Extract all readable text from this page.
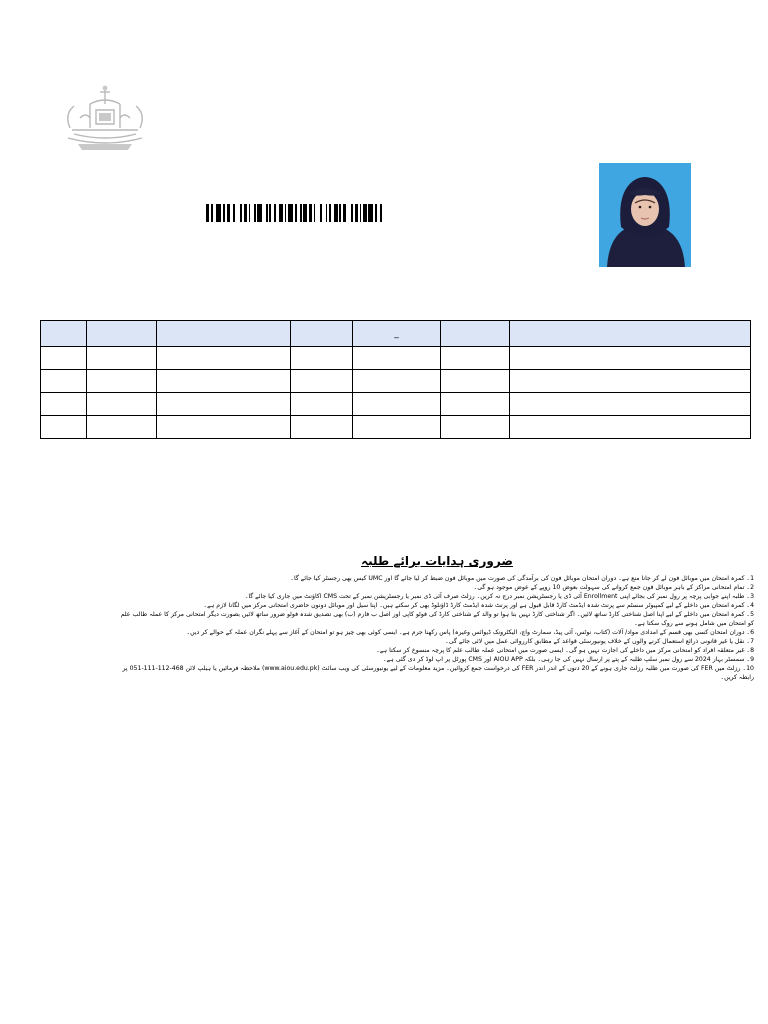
				_		

ضروری ہدایات برائے طلبہ
1۔ کمرہ امتحان میں موبائل فون لے کر جانا منع ہے۔ دوران امتحان موبائل فون کی برآمدگی کی صورت میں موبائل فون ضبط کر لیا جائے گا اور UMC کیس بھی رجسٹر کیا جائے گا۔
2۔ تمام امتحانی مراکز کے باہر موبائل فون جمع کروانے کی سہولت بعوض 10 روپے کے عوض موجود ہو گی۔
3۔ طلبہ اپنے جوابی پرچہ پر رول نمبر کی بجائے اپنی Enrollment آئی ڈی یا رجسٹریشن نمبر درج نہ کریں۔ رزلٹ صرف آئی ڈی نمبر یا رجسٹریشن نمبر کے تحت CMS اکاؤنٹ میں جاری کیا جائے گا۔
4۔ کمرہ امتحان میں داخلے کے لیے کمپیوٹر سسٹم سے پرنٹ شدہ ایڈمٹ کارڈ قابل قبول ہے اور پرنٹ شدہ ایڈمٹ کارڈ ڈاؤنلوڈ بھی کر سکتے ہیں۔ اپنا سیل اور موبائل دونوں حاضری امتحانی مرکز میں لگانا لازم ہے۔
5۔ کمرہ امتحان میں داخلے کے لیے اپنا اصل شناختی کارڈ ساتھ لائیں۔ اگر شناختی کارڈ نہیں بنا ہوا تو والد کے شناختی کارڈ کی فوٹو کاپی اور اصل ب فارم (ب) بھی تصدیق شدہ فوٹو ضرور ساتھ لائیں بصورت دیگر امتحانی مرکز کا عملہ طالب علم کو امتحان میں شامل ہونے سے روک سکتا ہے۔
6۔ دوران امتحان کسی بھی قسم کے امدادی مواد/ آلات (کتاب، نوٹس، آئی پیڈ، سمارٹ واچ، الیکٹرونک ڈیوائس وغیرہ) پاس رکھنا جرم ہے۔ ایسی کوئی بھی چیز ہو تو امتحان کے آغاز سے پہلے نگران عملہ کے حوالے کر دیں۔
7۔ نقل یا غیر قانونی ذرائع استعمال کرنے والوں کے خلاف یونیورسٹی قواعد کے مطابق کارروائی عمل میں لائی جائے گی۔
8۔ غیر متعلقہ افراد کو امتحانی مرکز میں داخلے کی اجازت نہیں ہو گی۔ ایسی صورت میں امتحانی عملہ طالب علم کا پرچہ منسوخ کر سکتا ہے۔
9۔ سمسٹر بہار 2024 سے رول نمبر سلپ طلبہ کے پتے پر ارسال نہیں کی جا رہی۔ بلکہ AIOU APP اور CMS پورٹل پر اپ لوڈ کر دی گئی ہے۔
10۔ رزلٹ میں FER کی صورت میں طلبہ رزلٹ جاری ہونے کے 20 دنوں کے اندر اندر FER کی درخواست جمع کروائیں۔ مزید معلومات کے لیے یونیورسٹی کی ویب سائٹ (www.aiou.edu.pk) ملاحظہ فرمائیں یا ہیلپ لائن 468-112-111-051 پر رابطہ کریں۔
